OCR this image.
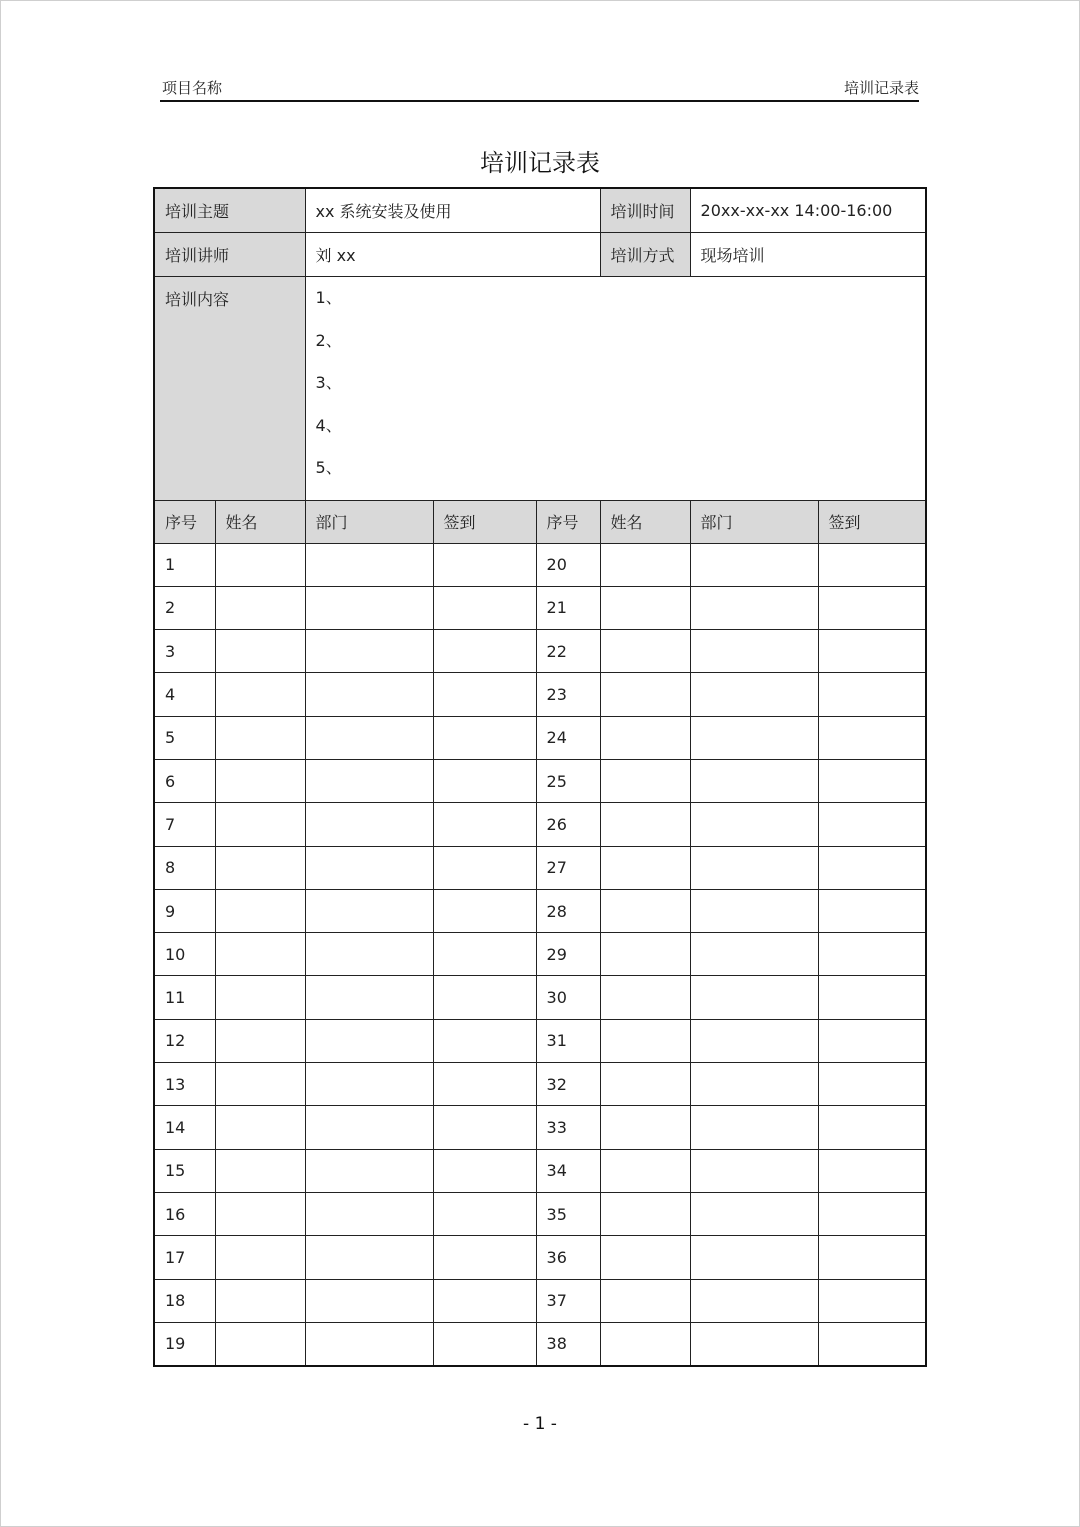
项目名称	培训记录表
培训记录表
培训主题		xx 系统安装及使用			培训时间	20xx-xx-xx 14:00-16:00	
培训讲师		刘 xx			培训方式	现场培训	
培训内容		1、
2、
3、
4、
5、					

序号	姓名	部门	签到	序号	姓名	部门	签到
1				20			
2				21			
3				22			
4				23			
5				24			
6				25			
7				26			
8				27			
9				28			
10				29			
11				30			
12				31			
13				32			
14				33			
15				34			
16				35			
17				36			
18				37			
19				38			
- 1 -
